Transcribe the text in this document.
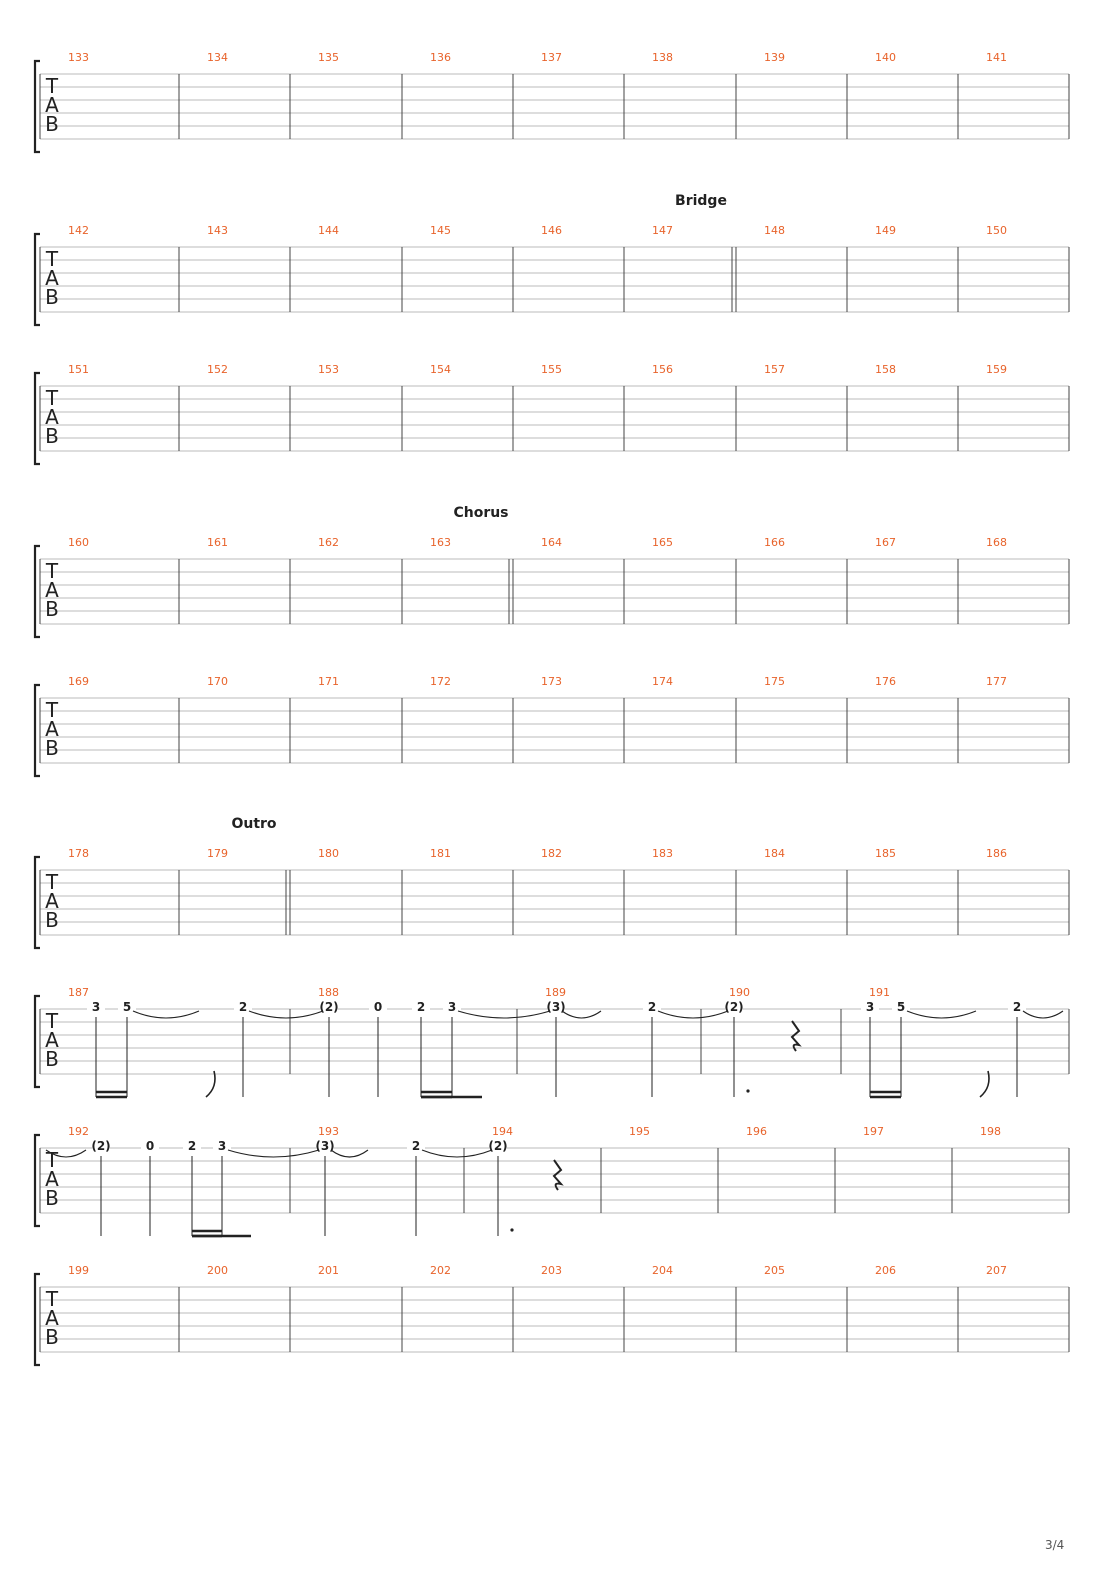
T
A
B
133	134	135	136	137	138	139	140	141
T
A
B
142	143	144	145	146	147	148	149	150
Bridge
T
A
B
151	152	153	154	155	156	157	158	159
T
A
B
160	161	162	163	164	165	166	167	168
Chorus
T
A
B
169	170	171	172	173	174	175	176	177
T
A
B
178	179	180	181	182	183	184	185	186
Outro
T
A
B
187	188	189	190	191
3 5	2	(2)	0	2 3	(3)	2	(2)	3 5	2
T
A
B
192	193	194	195	196	197	198
(2)	0	2 3	(3)	2	(2)
T
A
B
199	200	201	202	203	204	205	206	207
3/4
